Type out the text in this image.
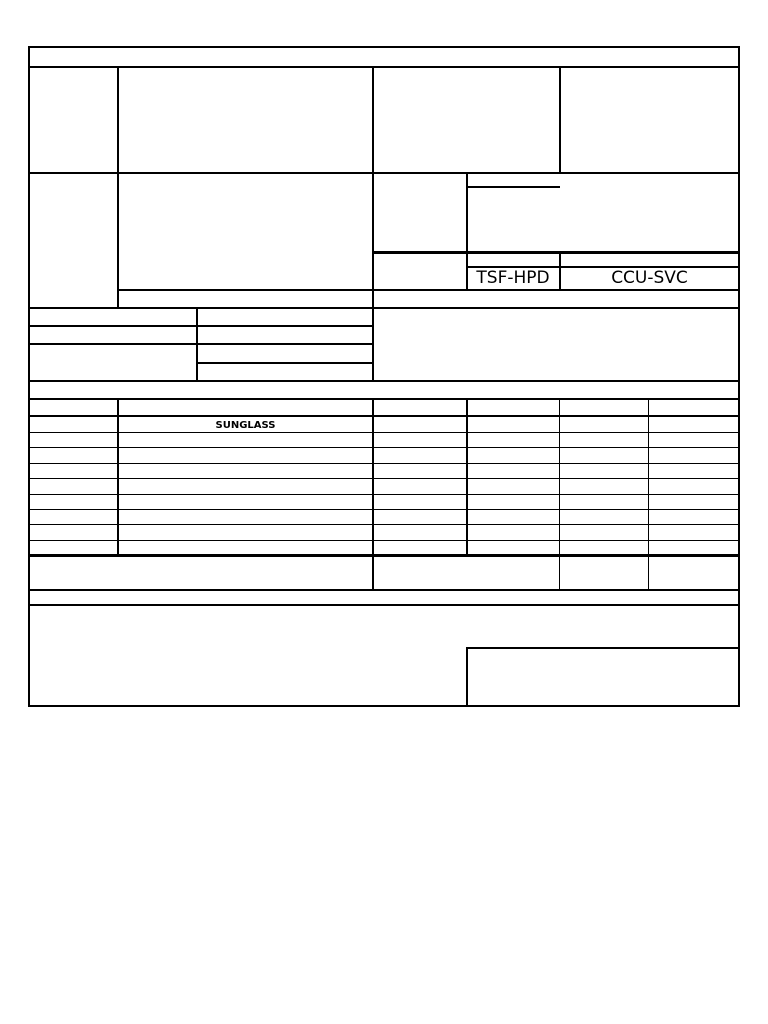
TSF-HPD	CCU-SVC
SUNGLASS
